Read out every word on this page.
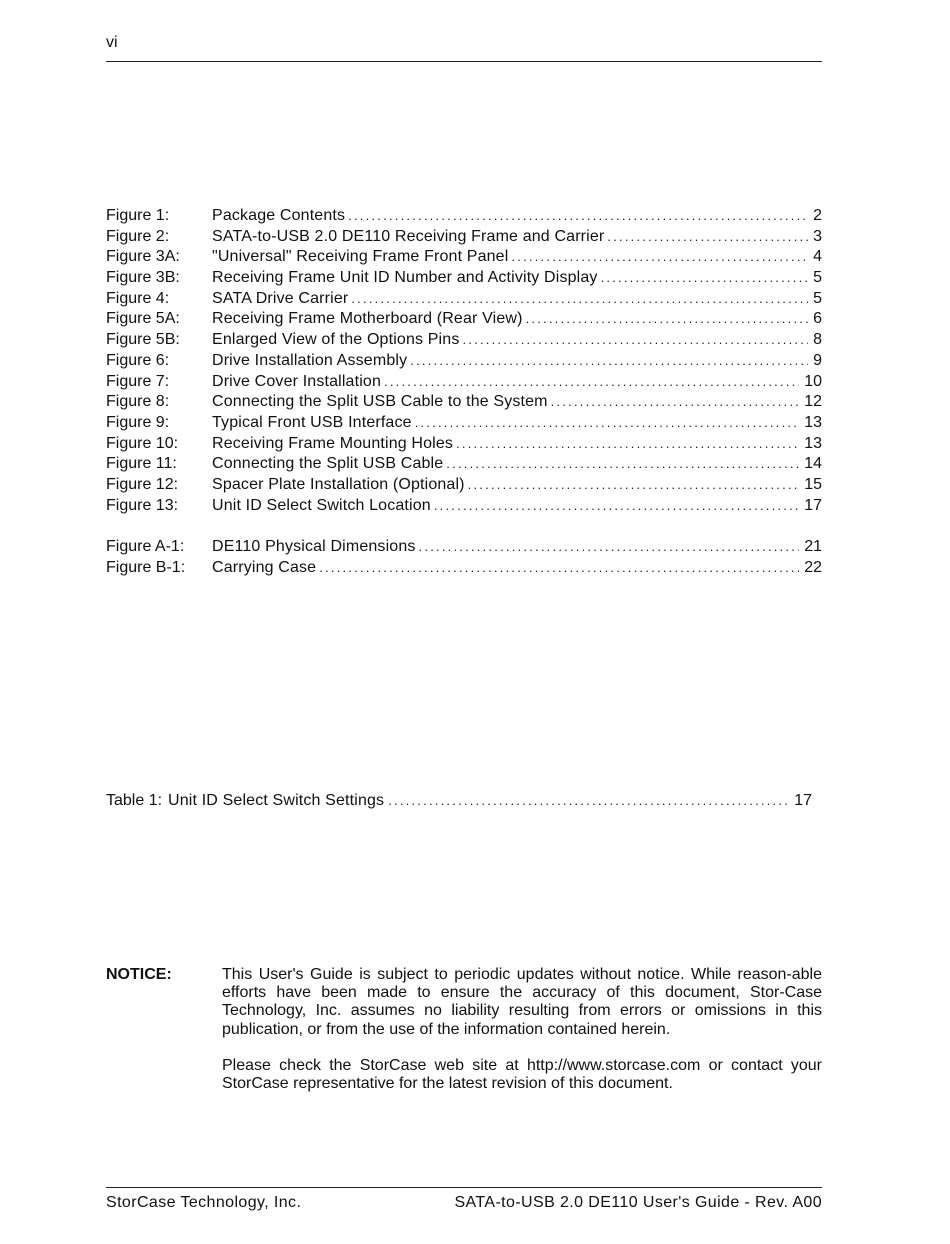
vi
Figure 1:	Package Contents . . .	2
Figure 2:	SATA-to-USB 2.0 DE110 Receiving Frame and Carrier . . .	3
Figure 3A:	"Universal" Receiving Frame Front Panel . . .	4
Figure 3B:	Receiving Frame Unit ID Number and Activity Display . . .	5
Figure 4:	SATA Drive Carrier . . .	5
Figure 5A:	Receiving Frame Motherboard (Rear View) . . .	6
Figure 5B:	Enlarged View of the Options Pins . . .	8
Figure 6:	Drive Installation Assembly . . .	9
Figure 7:	Drive Cover Installation . . .	10
Figure 8:	Connecting the Split USB Cable to the System . . .	12
Figure 9:	Typical Front USB Interface . . .	13
Figure 10:	Receiving Frame Mounting Holes . . .	13
Figure 11:	Connecting the Split USB Cable . . .	14
Figure 12:	Spacer Plate Installation (Optional) . . .	15
Figure 13:	Unit ID Select Switch Location . . .	17
Figure A-1:	DE110 Physical Dimensions . . .	21
Figure B-1:	Carrying Case . . .	22
Table 1: Unit ID Select Switch Settings . . .	17
NOTICE:	This User's Guide is subject to periodic updates without notice. While reason-able efforts have been made to ensure the accuracy of this document, Stor-Case Technology, Inc. assumes no liability resulting from errors or omissions in this publication, or from the use of the information contained herein.

Please check the StorCase web site at http://www.storcase.com or contact your StorCase representative for the latest revision of this document.

StorCase Technology, Inc.	SATA-to-USB 2.0 DE110 User's Guide - Rev. A00
